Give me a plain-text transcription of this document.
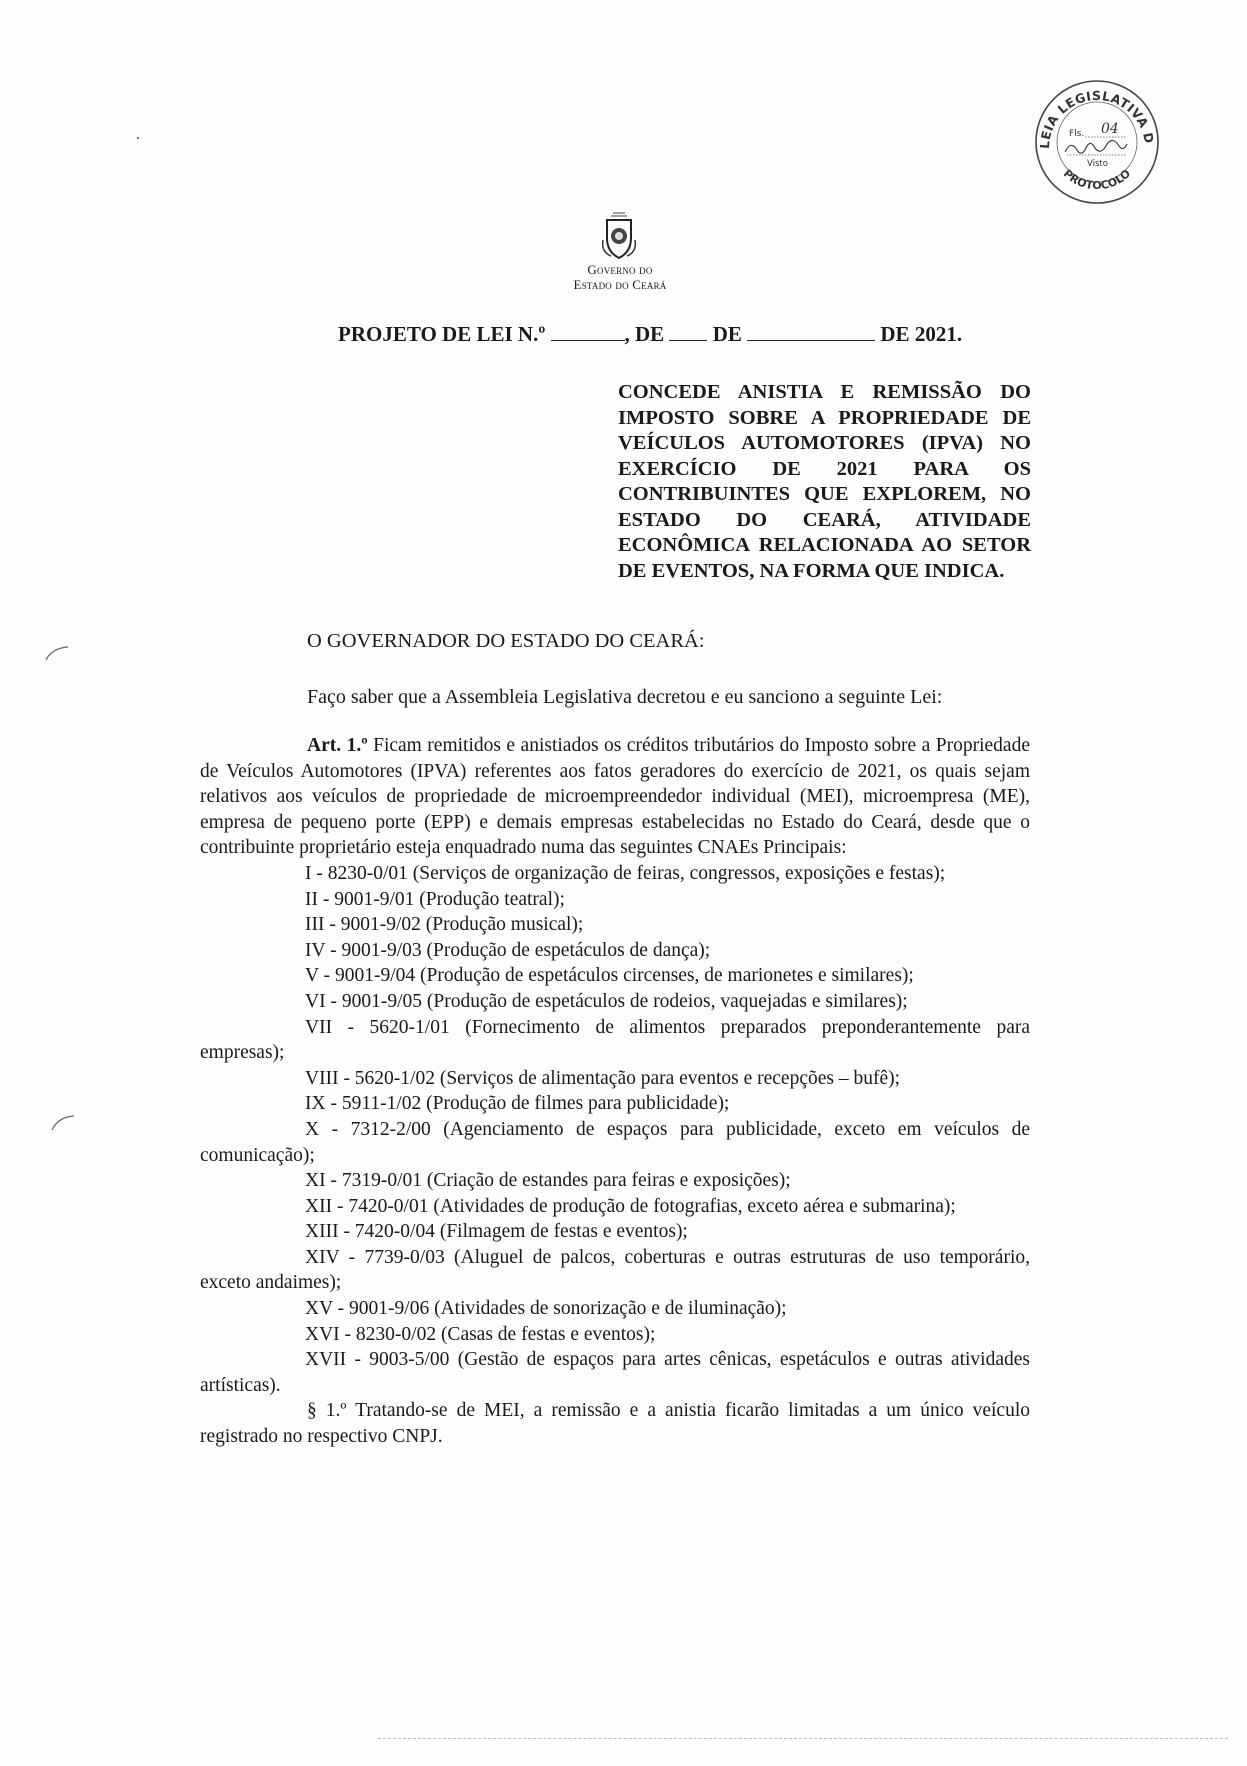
LEIA LEGISLATIVA D
PROTOCOLO
Fls. 04
Visto
Governo do
Estado do Ceará
PROJETO DE LEI N.º	, DE DE	DE 2021.
CONCEDE ANISTIA E REMISSÃO DO IMPOSTO SOBRE A PROPRIEDADE DE VEÍCULOS AUTOMOTORES (IPVA) NO EXERCÍCIO DE 2021 PARA OS CONTRIBUINTES QUE EXPLOREM, NO ESTADO DO CEARÁ, ATIVIDADE ECONÔMICA RELACIONADA AO SETOR DE EVENTOS, NA FORMA QUE INDICA.
O GOVERNADOR DO ESTADO DO CEARÁ:
Faço saber que a Assembleia Legislativa decretou e eu sanciono a seguinte Lei:

Art. 1.º Ficam remitidos e anistiados os créditos tributários do Imposto sobre a Propriedade de Veículos Automotores (IPVA) referentes aos fatos geradores do exercício de 2021, os quais sejam relativos aos veículos de propriedade de microempreendedor individual (MEI), microempresa (ME), empresa de pequeno porte (EPP) e demais empresas estabelecidas no Estado do Ceará, desde que o contribuinte proprietário esteja enquadrado numa das seguintes CNAEs Principais:

I - 8230-0/01 (Serviços de organização de feiras, congressos, exposições e festas);

II - 9001-9/01 (Produção teatral);

III - 9001-9/02 (Produção musical);

IV - 9001-9/03 (Produção de espetáculos de dança);

V - 9001-9/04 (Produção de espetáculos circenses, de marionetes e similares);

VI - 9001-9/05 (Produção de espetáculos de rodeios, vaquejadas e similares);

VII - 5620-1/01 (Fornecimento de alimentos preparados preponderantemente para empresas);

VIII - 5620-1/02 (Serviços de alimentação para eventos e recepções – bufê);

IX - 5911-1/02 (Produção de filmes para publicidade);

X - 7312-2/00 (Agenciamento de espaços para publicidade, exceto em veículos de comunicação);

XI - 7319-0/01 (Criação de estandes para feiras e exposições);

XII - 7420-0/01 (Atividades de produção de fotografias, exceto aérea e submarina);

XIII - 7420-0/04 (Filmagem de festas e eventos);

XIV - 7739-0/03 (Aluguel de palcos, coberturas e outras estruturas de uso temporário, exceto andaimes);

XV - 9001-9/06 (Atividades de sonorização e de iluminação);

XVI - 8230-0/02 (Casas de festas e eventos);

XVII - 9003-5/00 (Gestão de espaços para artes cênicas, espetáculos e outras atividades artísticas).

§ 1.º Tratando-se de MEI, a remissão e a anistia ficarão limitadas a um único veículo registrado no respectivo CNPJ.
